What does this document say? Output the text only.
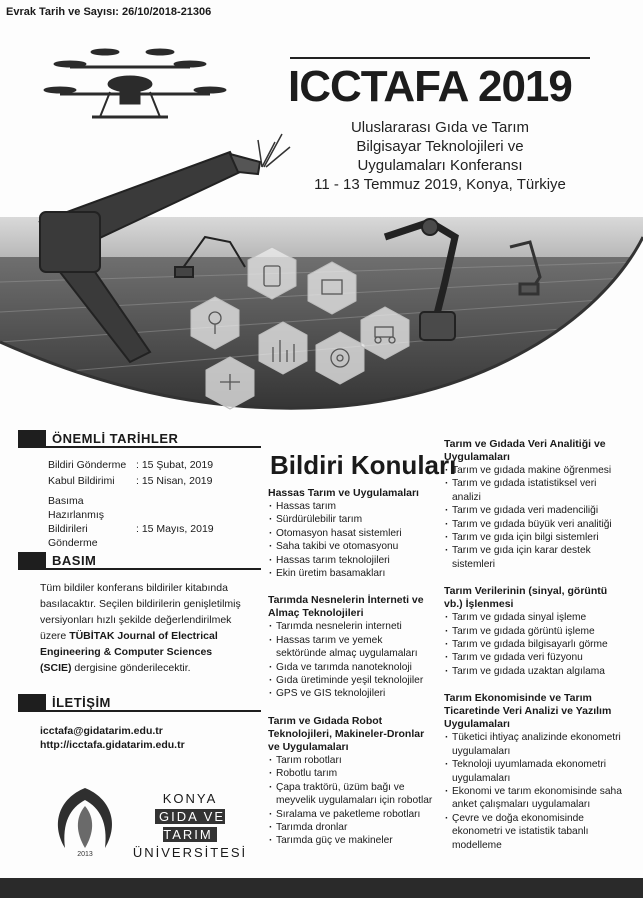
Evrak Tarih ve Sayısı: 26/10/2018-21306
ICCTAFA 2019
Uluslararası Gıda ve Tarım
Bilgisayar Teknolojileri ve
Uygulamaları Konferansı
11 - 13 Temmuz 2019, Konya, Türkiye
ÖNEMLİ TARİHLER
Bildiri Gönderme : 15 Şubat, 2019
Kabul Bildirimi	: 15 Nisan, 2019
Basıma Hazırlanmış
Bildirileri Gönderme
: 15 Mayıs, 2019
BASIM
Tüm bildiler konferans bildiriler kitabında basılacaktır. Seçilen bildirilerin genişletilmiş versiyonları hızlı şekilde değerlendirilmek üzere TÜBİTAK Journal of Electrical Engineering & Computer Sciences (SCIE) dergisine gönderilecektir.
İLETİŞİM
icctafa@gidatarim.edu.tr
http://icctafa.gidatarim.edu.tr
2013
KONYA
GIDA VE TARIM
ÜNİVERSİTESİ
Bildiri Konuları
Hassas Tarım ve Uygulamaları
· Hassas tarım
· Sürdürülebilir tarım
· Otomasyon hasat sistemleri
· Saha takibi ve otomasyonu
· Hassas tarım teknolojileri
· Ekin üretim basamakları
Tarımda Nesnelerin İnterneti ve Almaç Teknolojileri
· Tarımda nesnelerin interneti
· Hassas tarım ve yemek sektöründe almaç uygulamaları
· Gıda ve tarımda nanoteknoloji
· Gıda üretiminde yeşil teknolojiler
· GPS ve GIS teknolojileri
Tarım ve Gıdada Robot Teknolojileri, Makineler-Dronlar ve Uygulamaları
· Tarım robotları
· Robotlu tarım
· Çapa traktörü, üzüm bağı ve meyvelik uygulamaları için robotlar
· Sıralama ve paketleme robotları
· Tarımda dronlar
· Tarımda güç ve makineler
Tarım ve Gıdada Veri Analitiği ve Uygulamaları
· Tarım ve gıdada makine öğrenmesi
· Tarım ve gıdada istatistiksel veri analizi
· Tarım ve gıdada veri madenciliği
· Tarım ve gıdada büyük veri analitiği
· Tarım ve gıda için bilgi sistemleri
· Tarım ve gıda için karar destek sistemleri
Tarım Verilerinin (sinyal, görüntü vb.) İşlenmesi
· Tarım ve gıdada sinyal işleme
· Tarım ve gıdada görüntü işleme
· Tarım ve gıdada bilgisayarlı görme
· Tarım ve gıdada veri füzyonu
· Tarım ve gıdada uzaktan algılama
Tarım Ekonomisinde ve Tarım Ticaretinde Veri Analizi ve Yazılım Uygulamaları
· Tüketici ihtiyaç analizinde ekonometri uygulamaları
· Teknoloji uyumlamada ekonometri uygulamaları
· Ekonomi ve tarım ekonomisinde saha anket çalışmaları uygulamaları
· Çevre ve doğa ekonomisinde ekonometri ve istatistik tabanlı modelleme
